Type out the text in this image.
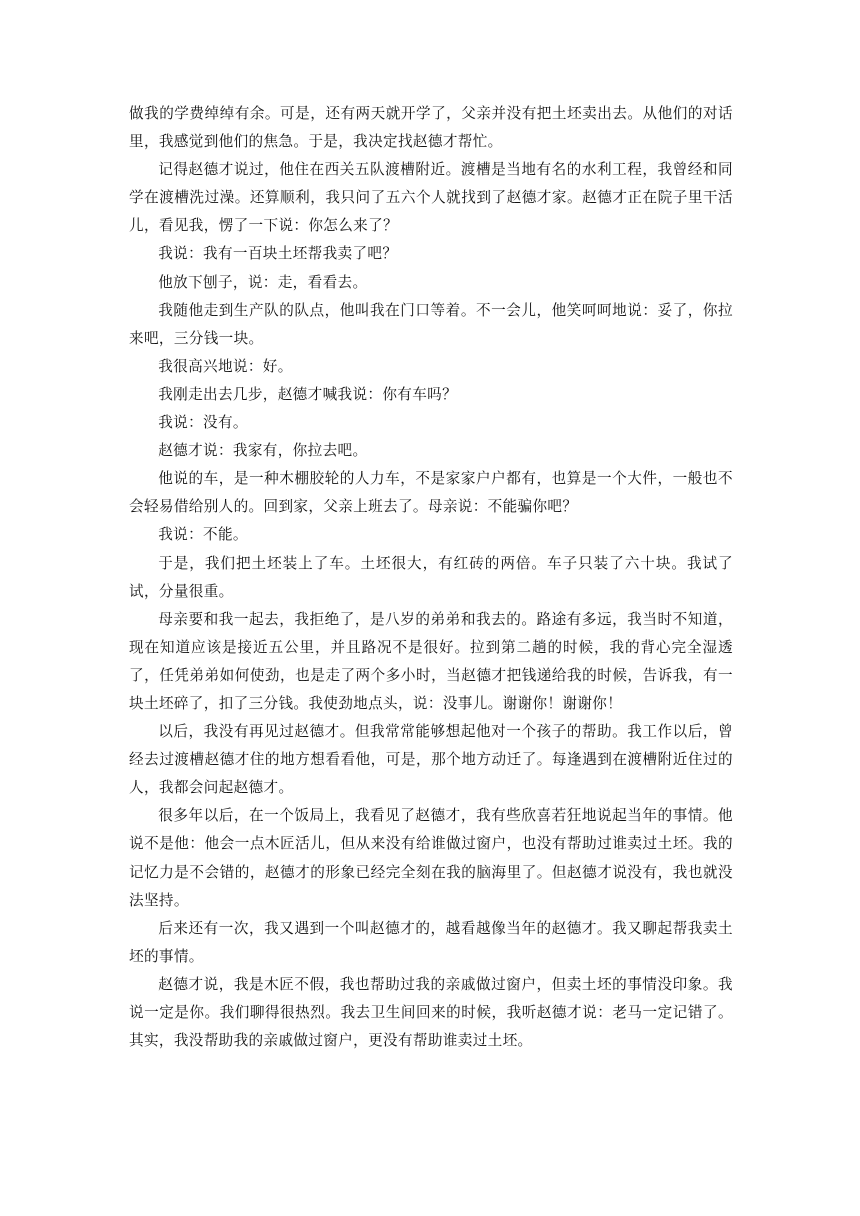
做我的学费绰绰有余。可是，还有两天就开学了，父亲并没有把土坯卖出去。从他们的对话里，我感觉到他们的焦急。于是，我决定找赵德才帮忙。

记得赵德才说过，他住在西关五队渡槽附近。渡槽是当地有名的水利工程，我曾经和同学在渡槽洗过澡。还算顺利，我只问了五六个人就找到了赵德才家。赵德才正在院子里干活儿，看见我，愣了一下说：你怎么来了？

我说：我有一百块土坯帮我卖了吧？

他放下刨子，说：走，看看去。

我随他走到生产队的队点，他叫我在门口等着。不一会儿，他笑呵呵地说：妥了，你拉来吧，三分钱一块。

我很高兴地说：好。

我刚走出去几步，赵德才喊我说：你有车吗？

我说：没有。

赵德才说：我家有，你拉去吧。

他说的车，是一种木棚胶轮的人力车，不是家家户户都有，也算是一个大件，一般也不会轻易借给别人的。回到家，父亲上班去了。母亲说：不能骗你吧？

我说：不能。

于是，我们把土坯装上了车。土坯很大，有红砖的两倍。车子只装了六十块。我试了试，分量很重。

母亲要和我一起去，我拒绝了，是八岁的弟弟和我去的。路途有多远，我当时不知道，现在知道应该是接近五公里，并且路况不是很好。拉到第二趟的时候，我的背心完全湿透了，任凭弟弟如何使劲，也是走了两个多小时，当赵德才把钱递给我的时候，告诉我，有一块土坯碎了，扣了三分钱。我使劲地点头，说：没事儿。谢谢你！谢谢你！

以后，我没有再见过赵德才。但我常常能够想起他对一个孩子的帮助。我工作以后，曾经去过渡槽赵德才住的地方想看看他，可是，那个地方动迁了。每逢遇到在渡槽附近住过的人，我都会问起赵德才。

很多年以后，在一个饭局上，我看见了赵德才，我有些欣喜若狂地说起当年的事情。他说不是他：他会一点木匠活儿，但从来没有给谁做过窗户，也没有帮助过谁卖过土坯。我的记忆力是不会错的，赵德才的形象已经完全刻在我的脑海里了。但赵德才说没有，我也就没法坚持。

后来还有一次，我又遇到一个叫赵德才的，越看越像当年的赵德才。我又聊起帮我卖土坯的事情。

赵德才说，我是木匠不假，我也帮助过我的亲戚做过窗户，但卖土坯的事情没印象。我说一定是你。我们聊得很热烈。我去卫生间回来的时候，我听赵德才说：老马一定记错了。其实，我没帮助我的亲戚做过窗户，更没有帮助谁卖过土坯。
